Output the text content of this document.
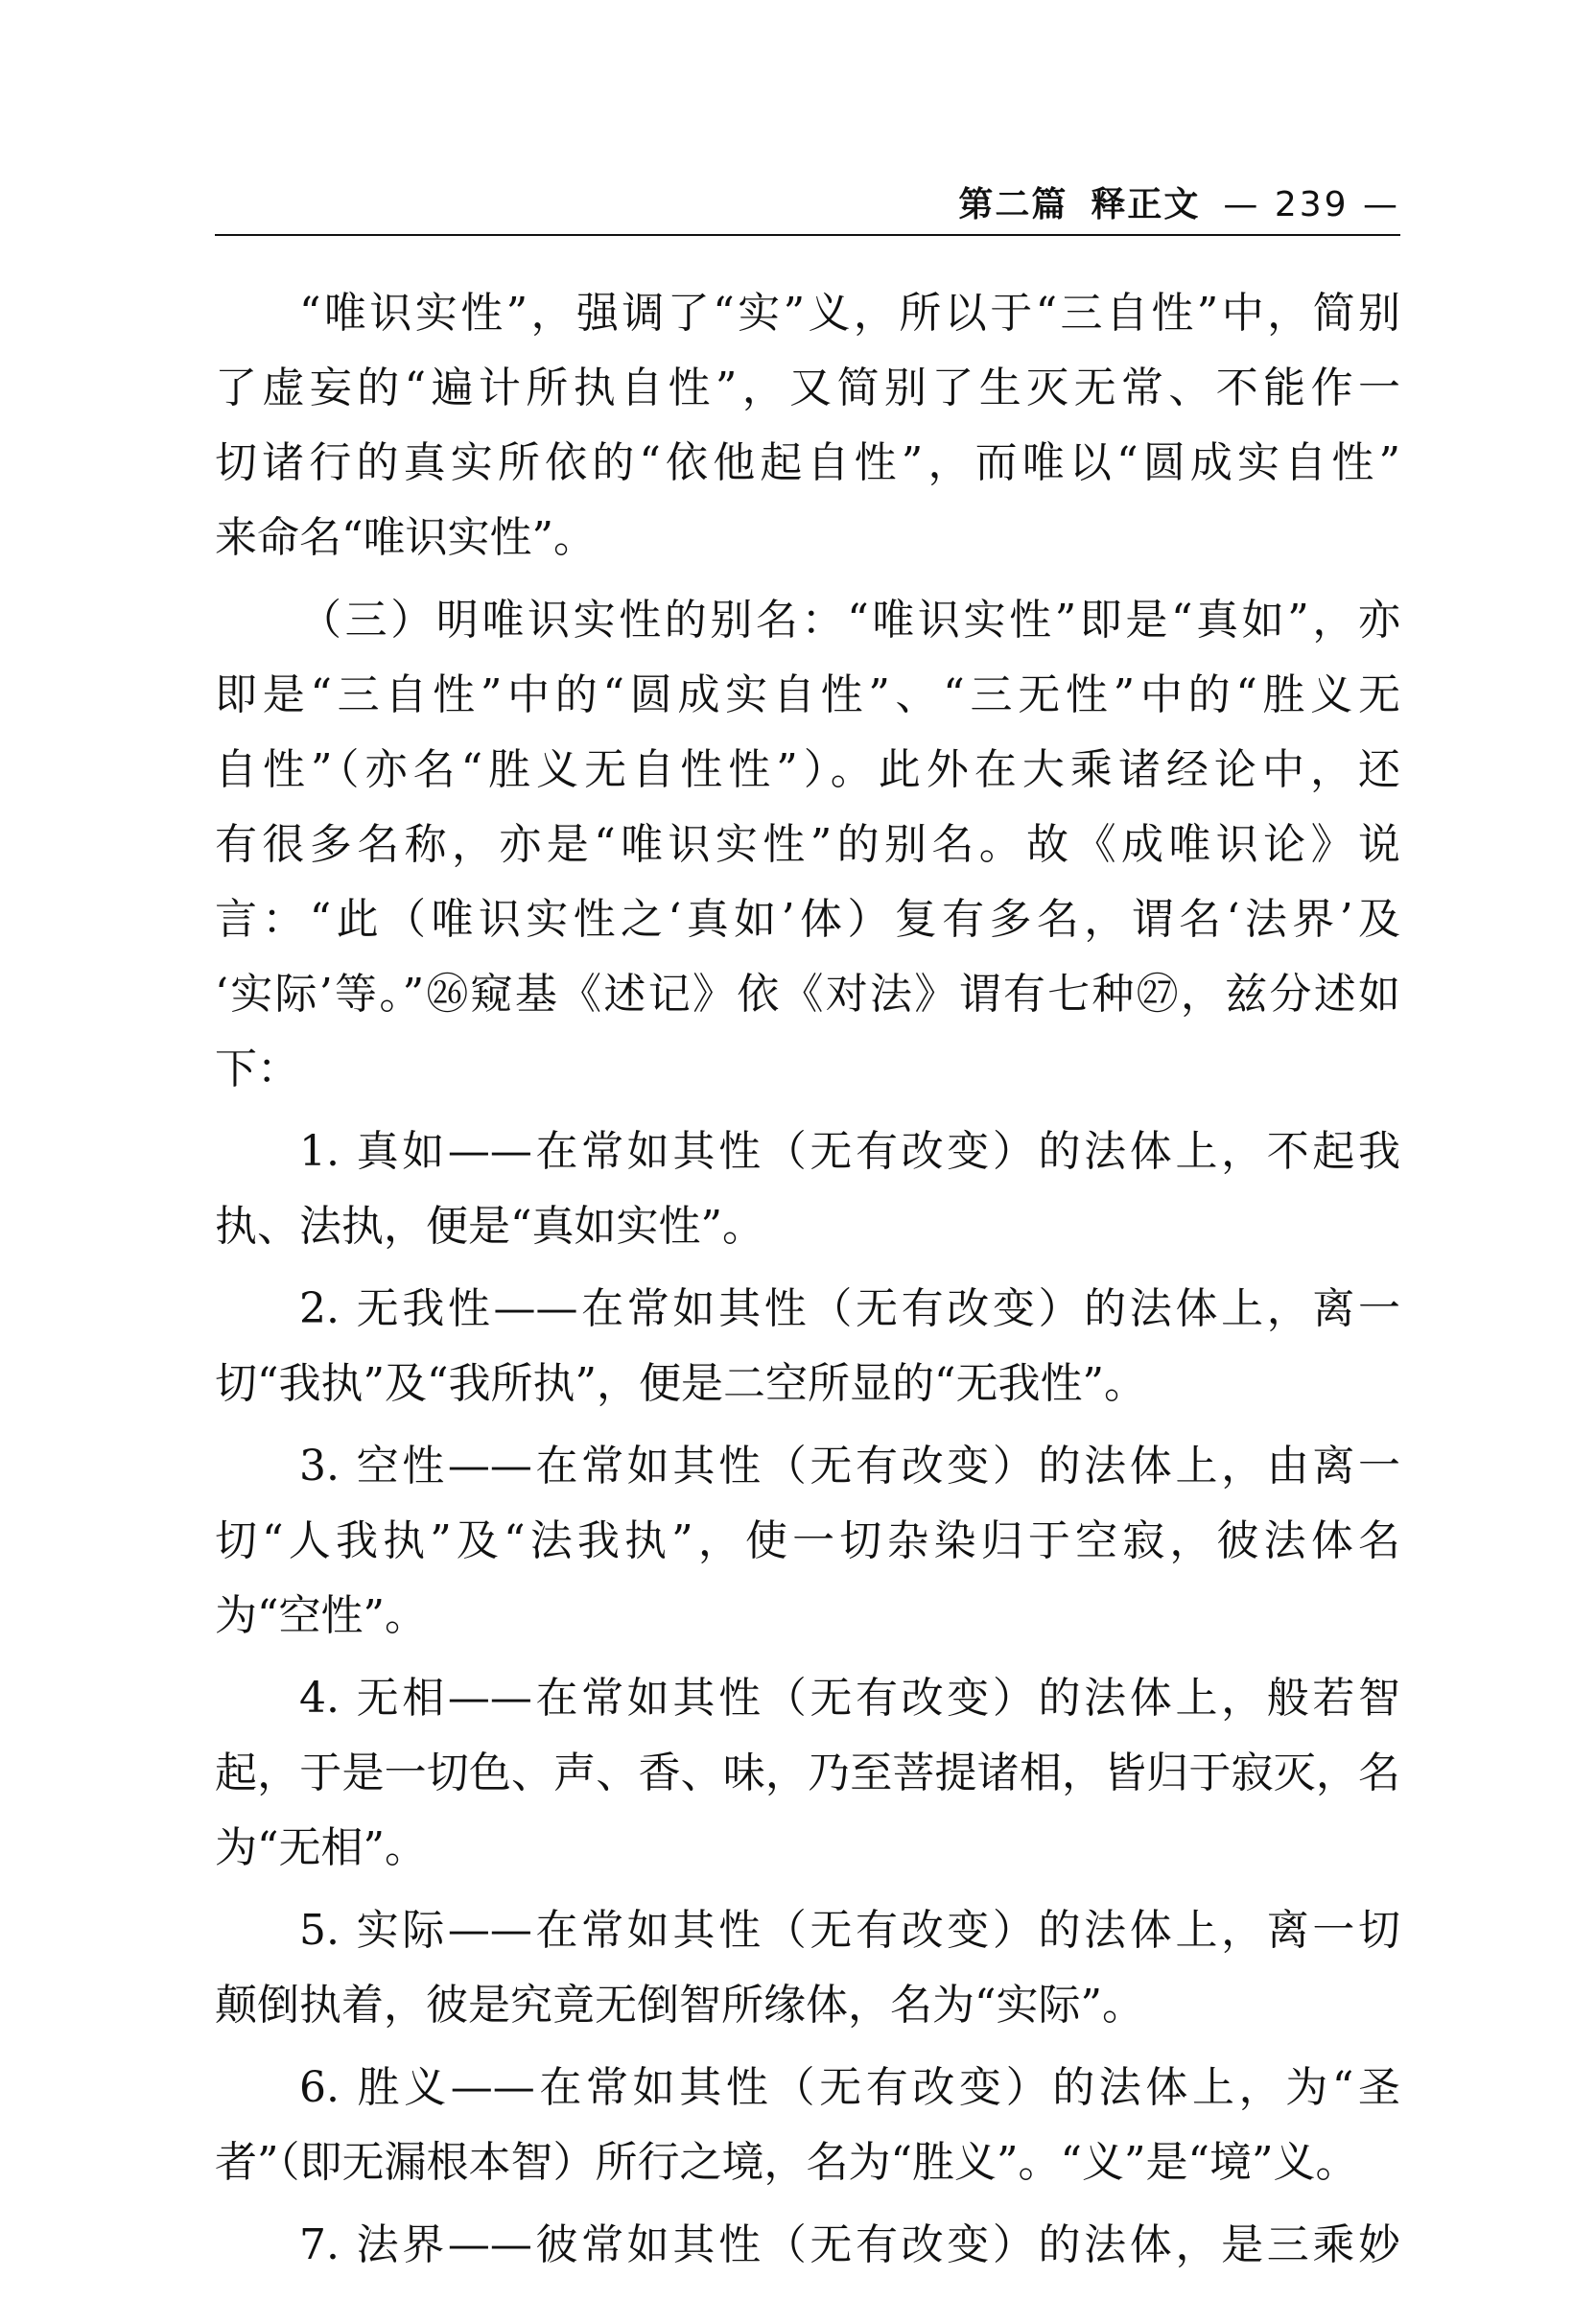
第二篇 释正文 — 239 —
“唯识实性”，强调了“实”义，所以于“三自性”中，简别
了虚妄的“遍计所执自性”，又简别了生灭无常、不能作一
切诸行的真实所依的“依他起自性”，而唯以“圆成实自性”
来命名“唯识实性”。
（三）明唯识实性的别名：“唯识实性”即是“真如”，亦
即是“三自性”中的“圆成实自性”、“三无性”中的“胜义无
自性”（亦名“胜义无自性性”）。此外在大乘诸经论中，还
有很多名称，亦是“唯识实性”的别名。故《成唯识论》说
言：“此（唯识实性之‘真如’体）复有多名，谓名‘法界’及
‘实际’等。”㉖窥基《述记》依《对法》谓有七种㉗，兹分述如
下：
1. 真如——在常如其性（无有改变）的法体上，不起我
执、法执，便是“真如实性”。
2. 无我性——在常如其性（无有改变）的法体上，离一
切“我执”及“我所执”，便是二空所显的“无我性”。
3. 空性——在常如其性（无有改变）的法体上，由离一
切“人我执”及“法我执”，使一切杂染归于空寂，彼法体名
为“空性”。
4. 无相——在常如其性（无有改变）的法体上，般若智
起，于是一切色、声、香、味，乃至菩提诸相，皆归于寂灭，名
为“无相”。
5. 实际——在常如其性（无有改变）的法体上，离一切
颠倒执着，彼是究竟无倒智所缘体，名为“实际”。
6. 胜义——在常如其性（无有改变）的法体上，为“圣
者”（即无漏根本智）所行之境，名为“胜义”。“义”是“境”义。
7. 法界——彼常如其性（无有改变）的法体，是三乘妙
